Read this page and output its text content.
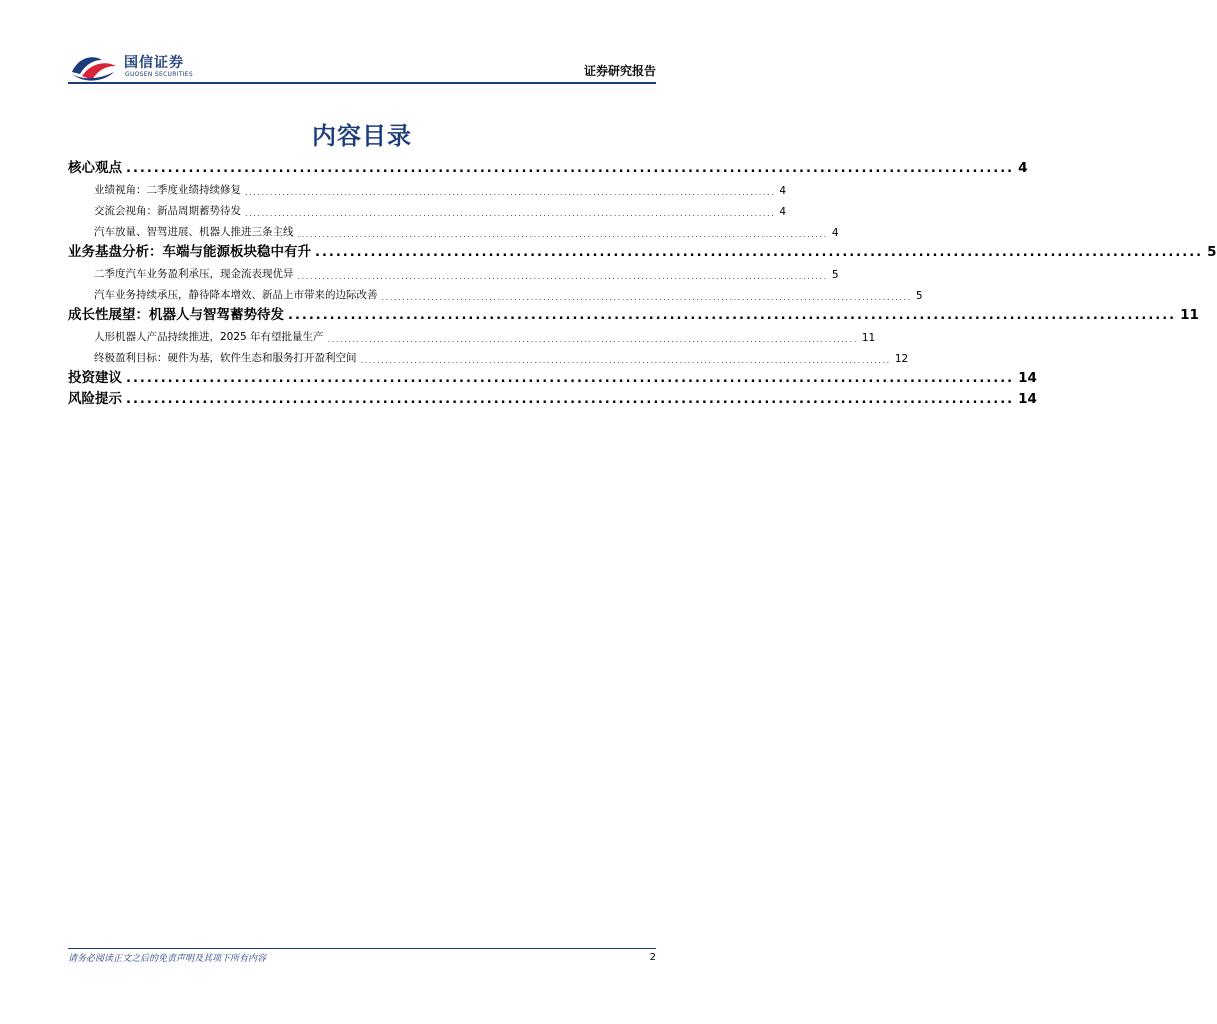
国信证券
GUOSEN SECURITIES	证券研究报告
内容目录
核心观点 ................................................................................................................................ 4
业绩视角：二季度业绩持续修复 ................................................................................................................................ 4
交流会视角：新品周期蓄势待发 ................................................................................................................................ 4
汽车放量、智驾进展、机器人推进三条主线 ................................................................................................................................ 4
业务基盘分析：车端与能源板块稳中有升 ................................................................................................................................ 5
二季度汽车业务盈利承压，现金流表现优异 ................................................................................................................................ 5
汽车业务持续承压，静待降本增效、新品上市带来的边际改善 ................................................................................................................................ 5
成长性展望：机器人与智驾蓄势待发 ................................................................................................................................ 11
人形机器人产品持续推进，2025 年有望批量生产 ................................................................................................................................ 11
终极盈利目标：硬件为基，软件生态和服务打开盈利空间 ................................................................................................................................ 12
投资建议 ................................................................................................................................ 14
风险提示 ................................................................................................................................ 14
请务必阅读正文之后的免责声明及其项下所有内容	2
